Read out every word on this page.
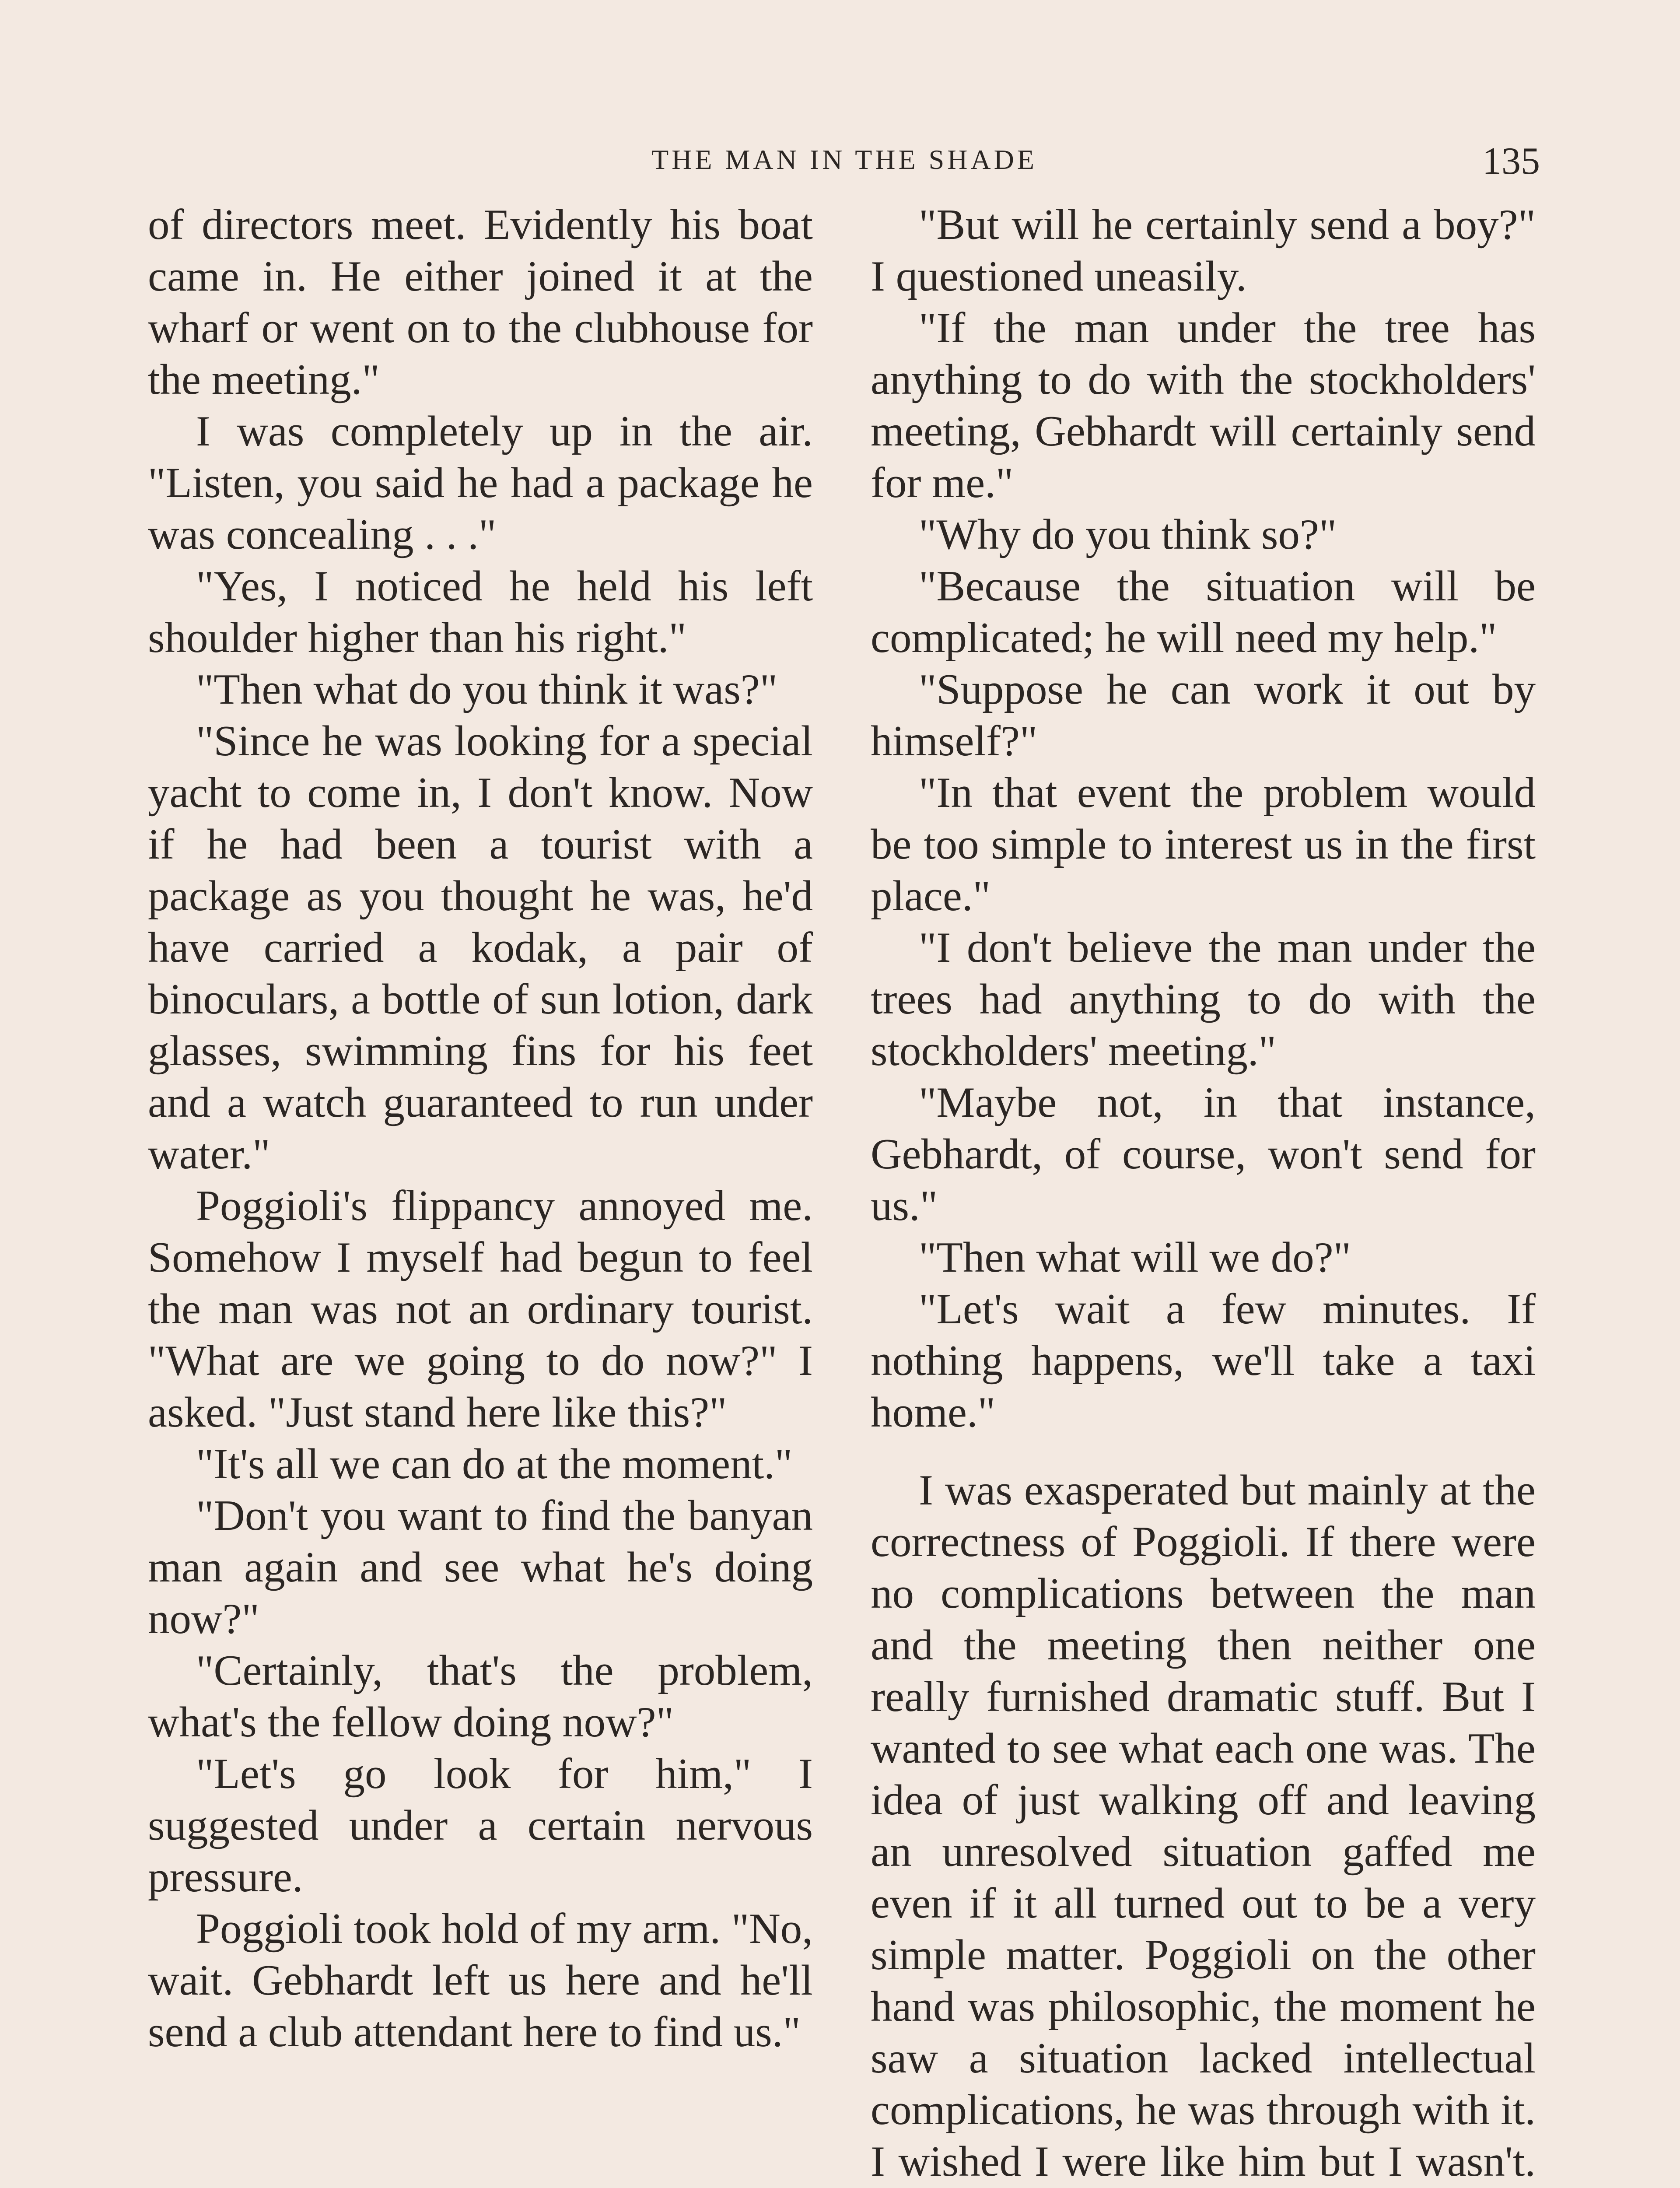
THE MAN IN THE SHADE	135

of directors meet. Evidently his boat came in. He either joined it at the wharf or went on to the clubhouse for the meeting."

I was completely up in the air. "Listen, you said he had a package he was concealing . . ."

"Yes, I noticed he held his left shoulder higher than his right."

"Then what do you think it was?"

"Since he was looking for a special yacht to come in, I don't know. Now if he had been a tourist with a package as you thought he was, he'd have carried a kodak, a pair of binoculars, a bottle of sun lotion, dark glasses, swimming fins for his feet and a watch guaranteed to run under water."

Poggioli's flippancy annoyed me. Somehow I myself had begun to feel the man was not an ordinary tourist. "What are we going to do now?" I asked. "Just stand here like this?"

"It's all we can do at the moment."

"Don't you want to find the banyan man again and see what he's doing now?"

"Certainly, that's the problem, what's the fellow doing now?"

"Let's go look for him," I suggested under a certain nervous pressure.

Poggioli took hold of my arm. "No, wait. Gebhardt left us here and he'll send a club attendant here to find us."

"But will he certainly send a boy?" I questioned uneasily.

"If the man under the tree has anything to do with the stockholders' meeting, Gebhardt will certainly send for me."

"Why do you think so?"

"Because the situation will be complicated; he will need my help."

"Suppose he can work it out by himself?"

"In that event the problem would be too simple to interest us in the first place."

"I don't believe the man under the trees had anything to do with the stockholders' meeting."

"Maybe not, in that instance, Gebhardt, of course, won't send for us."

"Then what will we do?"

"Let's wait a few minutes. If nothing happens, we'll take a taxi home."

I was exasperated but mainly at the correctness of Poggioli. If there were no complications between the man and the meeting then neither one really furnished dramatic stuff. But I wanted to see what each one was. The idea of just walking off and leaving an unresolved situation gaffed me even if it all turned out to be a very simple matter. Poggioli on the other hand was philosophic, the moment he saw a situation lacked intellectual complications, he was through with it. I wished I were like him but I wasn't.
